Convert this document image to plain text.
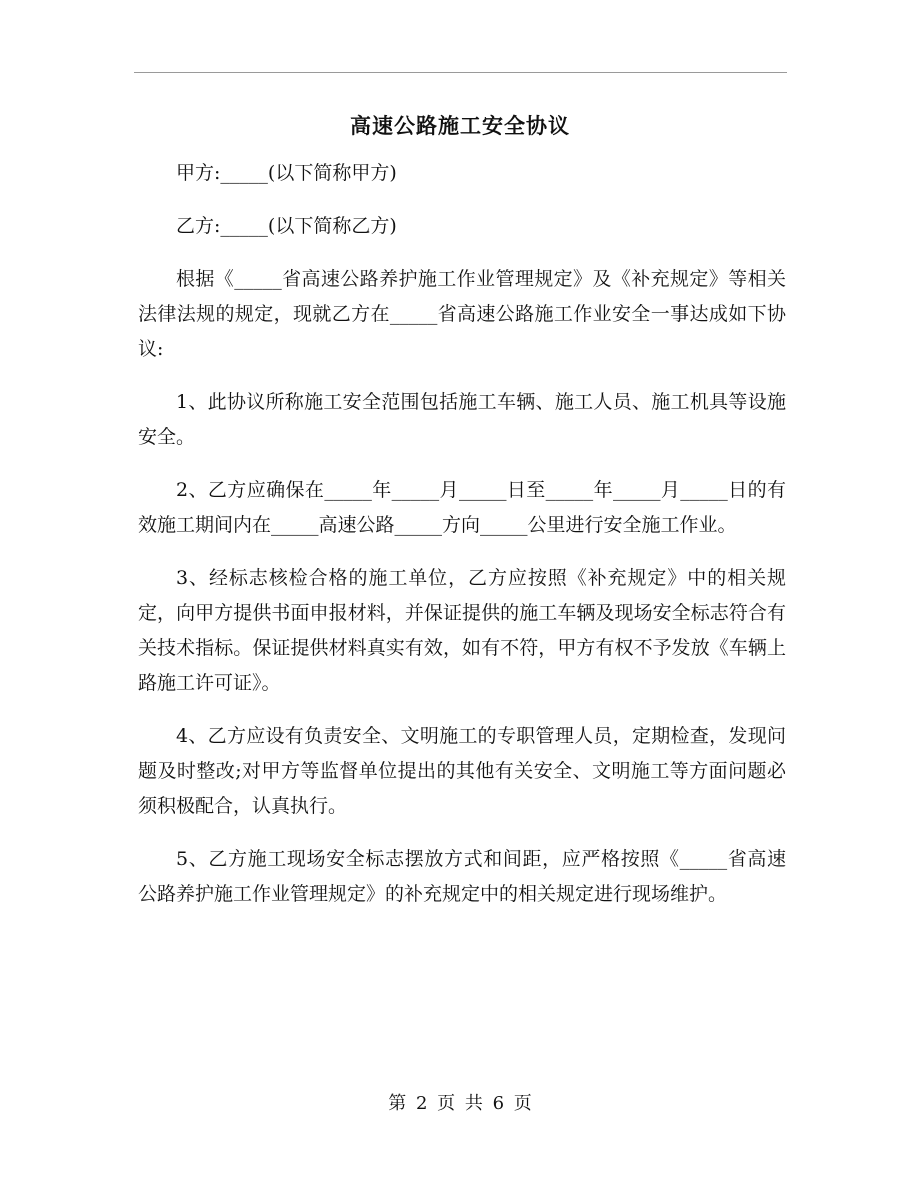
高速公路施工安全协议

甲方:_____(以下简称甲方)

乙方:_____(以下简称乙方)

根据《_____省高速公路养护施工作业管理规定》及《补充规定》等相关法律法规的规定，现就乙方在_____省高速公路施工作业安全一事达成如下协议:

1、此协议所称施工安全范围包括施工车辆、施工人员、施工机具等设施安全。

2、乙方应确保在_____年_____月_____日至_____年_____月_____日的有效施工期间内在_____高速公路_____方向_____公里进行安全施工作业。

3、经标志核检合格的施工单位，乙方应按照《补充规定》中的相关规定，向甲方提供书面申报材料，并保证提供的施工车辆及现场安全标志符合有关技术指标。保证提供材料真实有效，如有不符，甲方有权不予发放《车辆上路施工许可证》。

4、乙方应设有负责安全、文明施工的专职管理人员，定期检查，发现问题及时整改;对甲方等监督单位提出的其他有关安全、文明施工等方面问题必须积极配合，认真执行。

5、乙方施工现场安全标志摆放方式和间距，应严格按照《_____省高速公路养护施工作业管理规定》的补充规定中的相关规定进行现场维护。

第 2 页 共 6 页
